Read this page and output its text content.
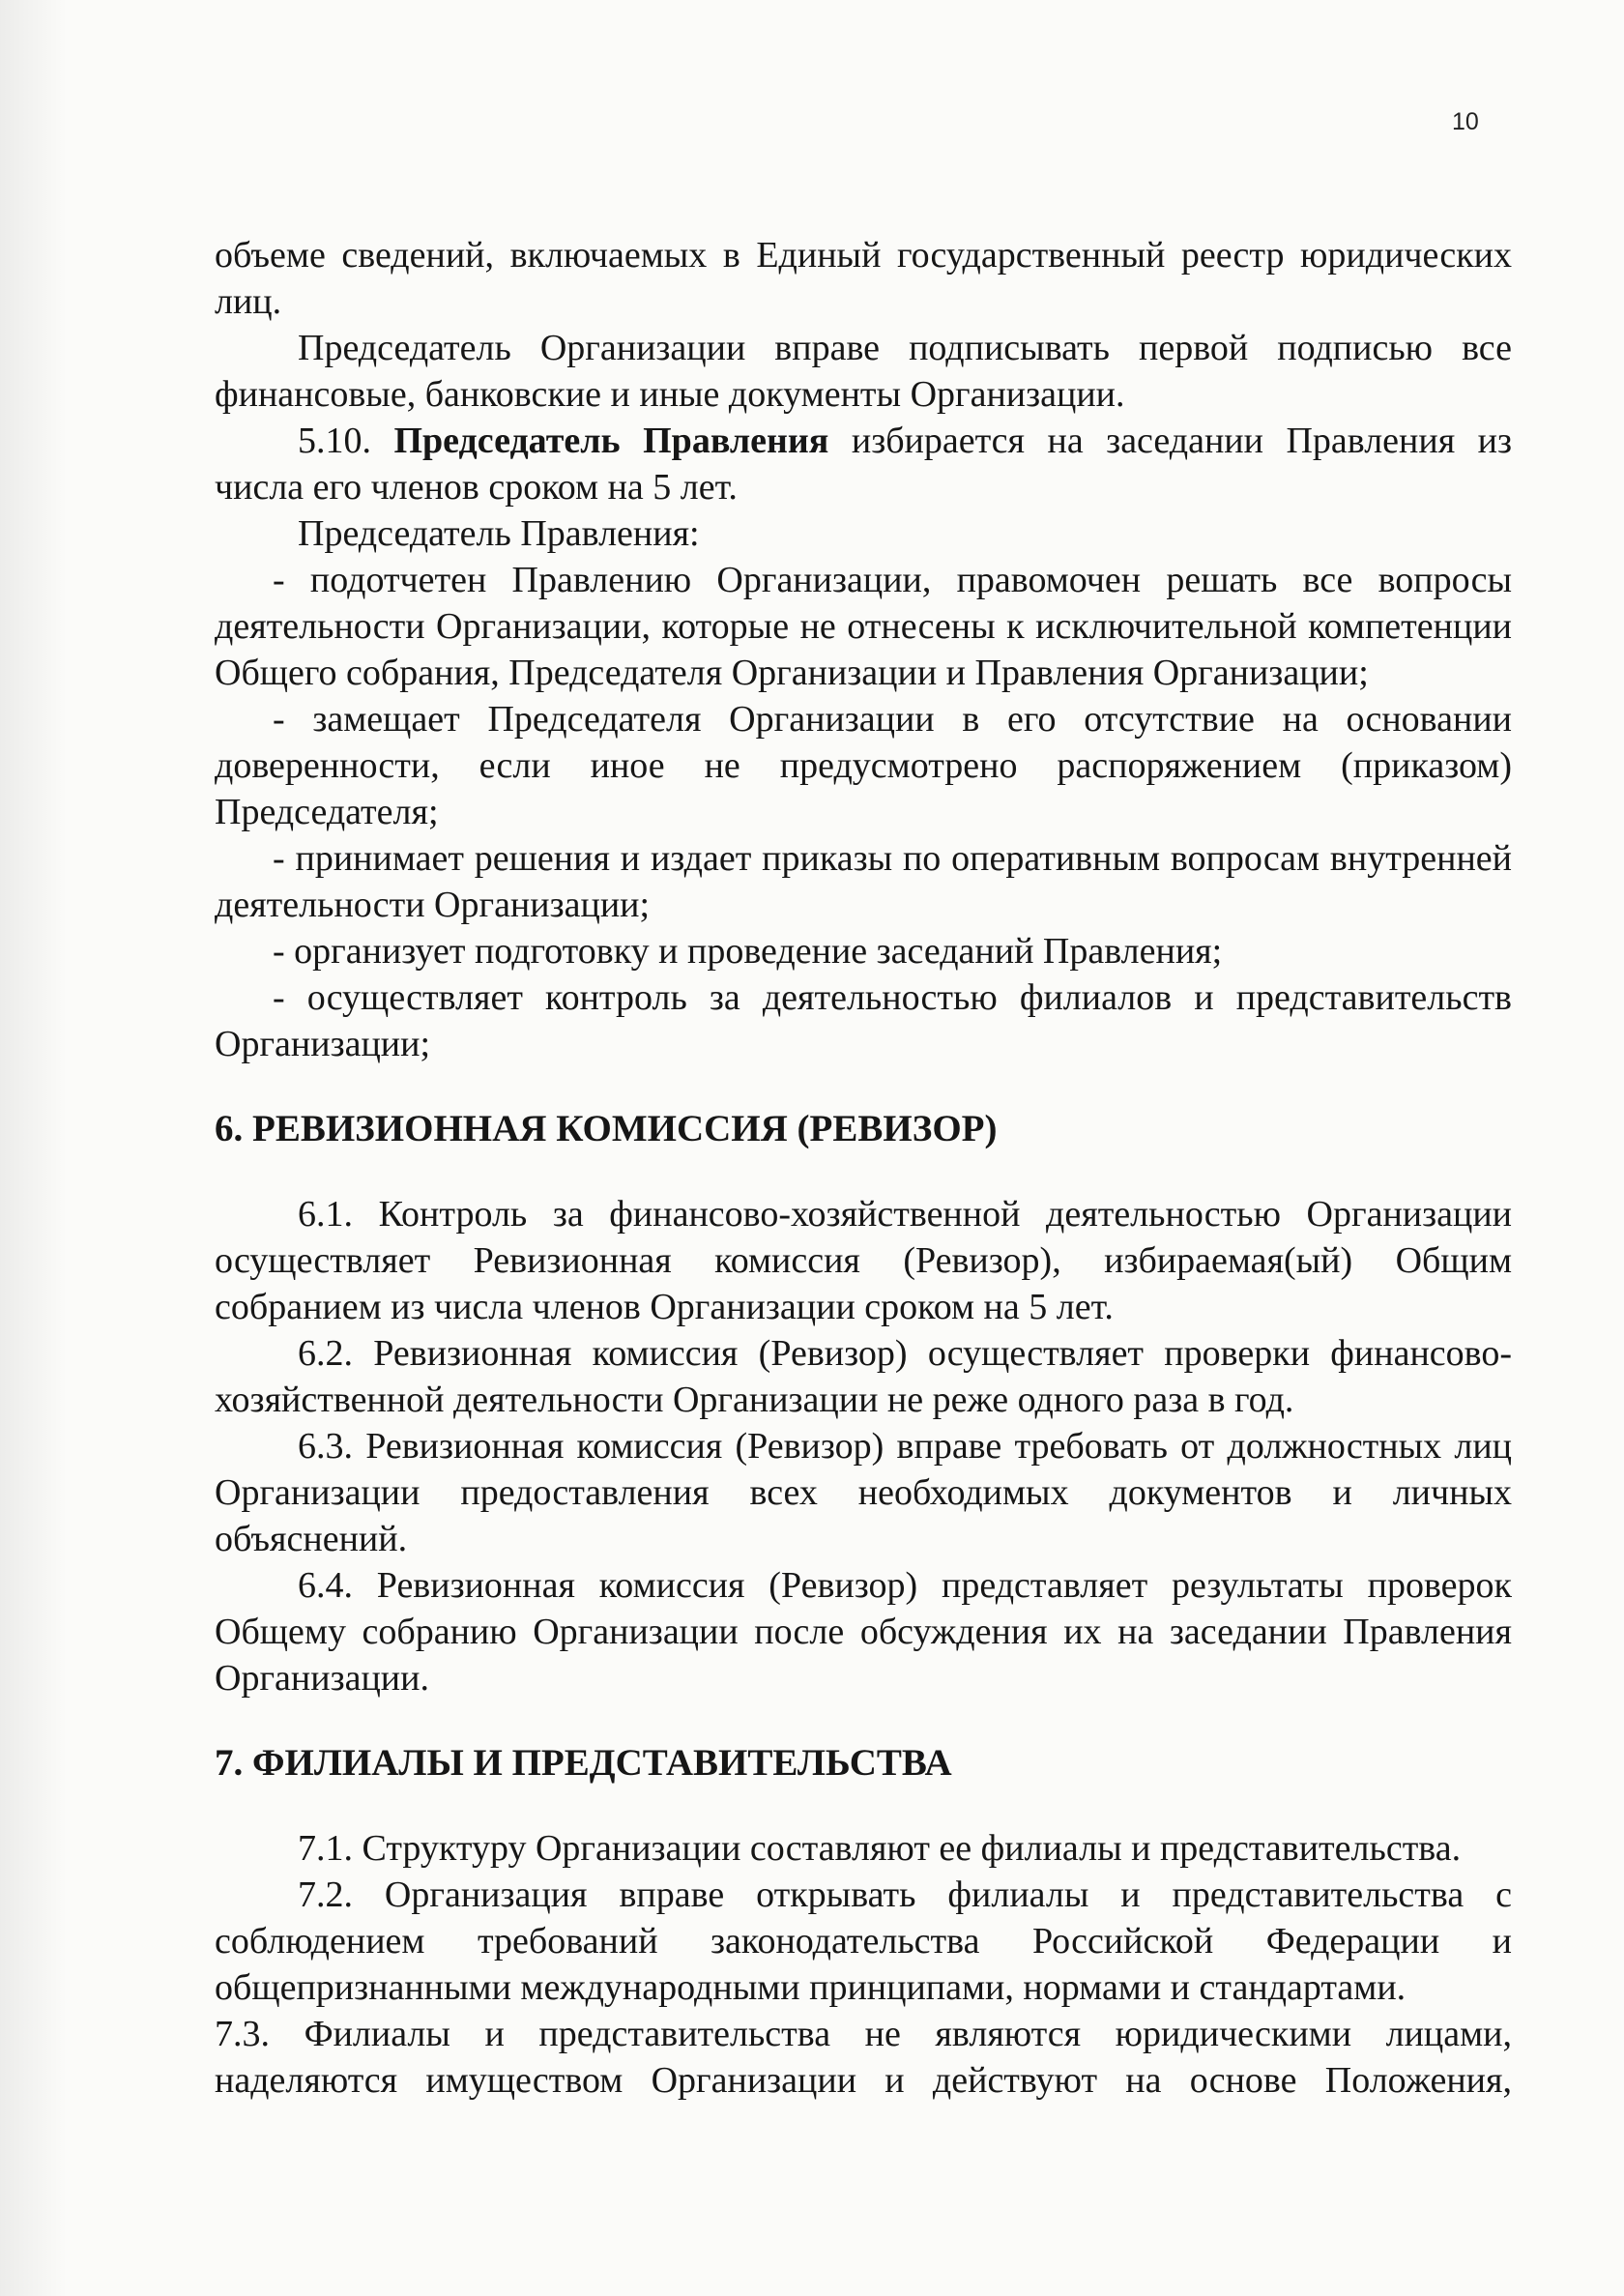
10

объеме сведений, включаемых в Единый государственный реестр юридических лиц.

Председатель Организации вправе подписывать первой подписью все финансовые, банковские и иные документы Организации.

5.10. Председатель Правления избирается на заседании Правления из числа его членов сроком на 5 лет.

Председатель Правления:

- подотчетен Правлению Организации, правомочен решать все вопросы деятельности Организации, которые не отнесены к исключительной компетенции Общего собрания, Председателя Организации и Правления Организации;

- замещает Председателя Организации в его отсутствие на основании доверенности, если иное не предусмотрено распоряжением (приказом) Председателя;

- принимает решения и издает приказы по оперативным вопросам внутренней деятельности Организации;

- организует подготовку и проведение заседаний Правления;

- осуществляет контроль за деятельностью филиалов и представительств Организации;

6. РЕВИЗИОННАЯ КОМИССИЯ (РЕВИЗОР)

6.1. Контроль за финансово-хозяйственной деятельностью Организации осуществляет Ревизионная комиссия (Ревизор), избираемая(ый) Общим собранием из числа членов Организации сроком на 5 лет.

6.2. Ревизионная комиссия (Ревизор) осуществляет проверки финансово-хозяйственной деятельности Организации не реже одного раза в год.

6.3. Ревизионная комиссия (Ревизор) вправе требовать от должностных лиц Организации предоставления всех необходимых документов и личных объяснений.

6.4. Ревизионная комиссия (Ревизор) представляет результаты проверок Общему собранию Организации после обсуждения их на заседании Правления Организации.

7. ФИЛИАЛЫ И ПРЕДСТАВИТЕЛЬСТВА

7.1. Структуру Организации составляют ее филиалы и представительства.

7.2. Организация вправе открывать филиалы и представительства с соблюдением требований законодательства Российской Федерации и общепризнанными международными принципами, нормами и стандартами.

7.3. Филиалы и представительства не являются юридическими лицами, наделяются имуществом Организации и действуют на основе Положения,
